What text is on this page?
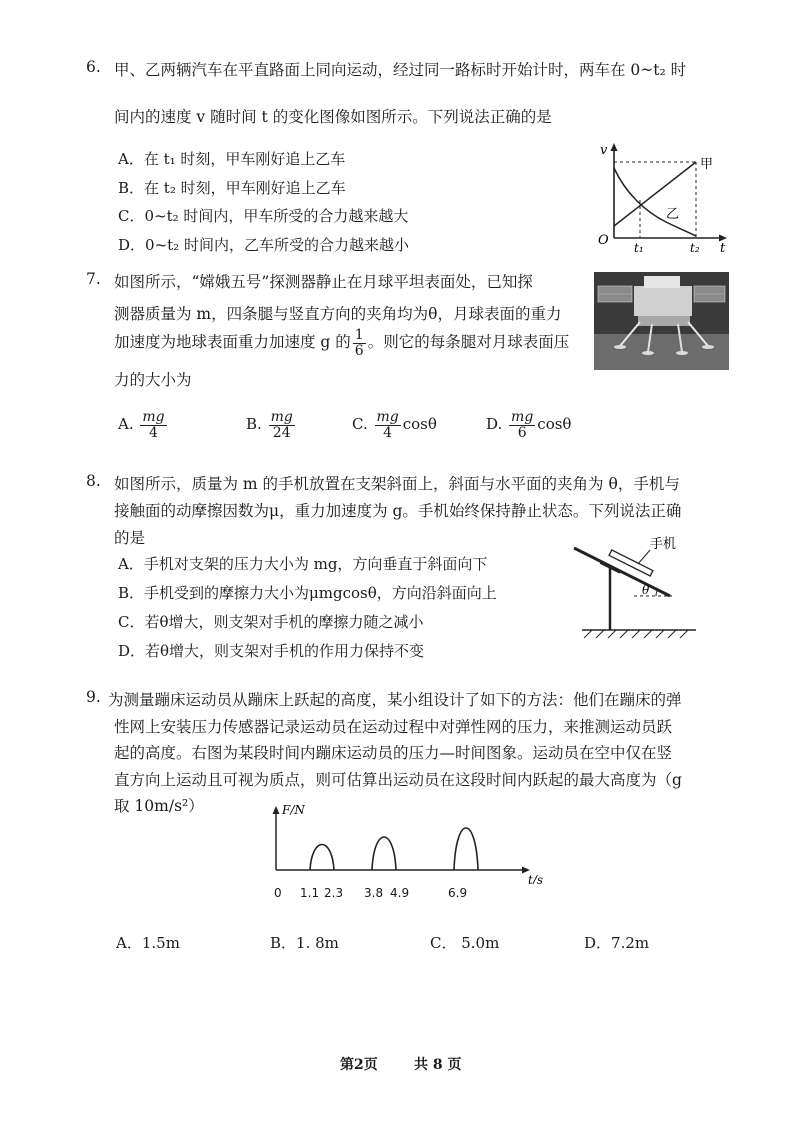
6. 甲、乙两辆汽车在平直路面上同向运动，经过同一路标时开始计时，两车在 0~t₂ 时
间内的速度 v 随时间 t 的变化图像如图所示。下列说法正确的是
A．在 t₁ 时刻，甲车刚好追上乙车
B．在 t₂ 时刻，甲车刚好追上乙车
C．0~t₂ 时间内，甲车所受的合力越来越大
D．0~t₂ 时间内，乙车所受的合力越来越小
v
t
O t₁	t₂
甲
乙
7. 如图所示，“嫦娥五号”探测器静止在月球平坦表面处，已知探
测器质量为 m，四条腿与竖直方向的夹角均为θ，月球表面的重力
加速度为地球表面重力加速度 g 的 $\frac{1}{6}$ 。则它的每条腿对月球表面压
力的大小为
A. $\frac{mg}{4}$	B. $\frac{mg}{24}$	C. $\frac{mg}{4}$ cosθ	D. $\frac{mg}{6}$ cosθ
8. 如图所示，质量为 m 的手机放置在支架斜面上，斜面与水平面的夹角为 θ，手机与
接触面的动摩擦因数为μ，重力加速度为 g。手机始终保持静止状态。下列说法正确
的是
A．手机对支架的压力大小为 mg，方向垂直于斜面向下
B．手机受到的摩擦力大小为μmgcosθ，方向沿斜面向上
C．若θ增大，则支架对手机的摩擦力随之减小
D．若θ增大，则支架对手机的作用力保持不变
手机
θ
9. 为测量蹦床运动员从蹦床上跃起的高度，某小组设计了如下的方法：他们在蹦床的弹
性网上安装压力传感器记录运动员在运动过程中对弹性网的压力，来推测运动员跃
起的高度。右图为某段时间内蹦床运动员的压力—时间图象。运动员在空中仅在竖
直方向上运动且可视为质点，则可估算出运动员在这段时间内跃起的最大高度为（g
取 10m/s²）	F/N
t/s
0 1.1 2.3 3.8 4.9	6.9
A．1.5m	B．1. 8m	C． 5.0m	D．7.2m
第2页	共 8 页
